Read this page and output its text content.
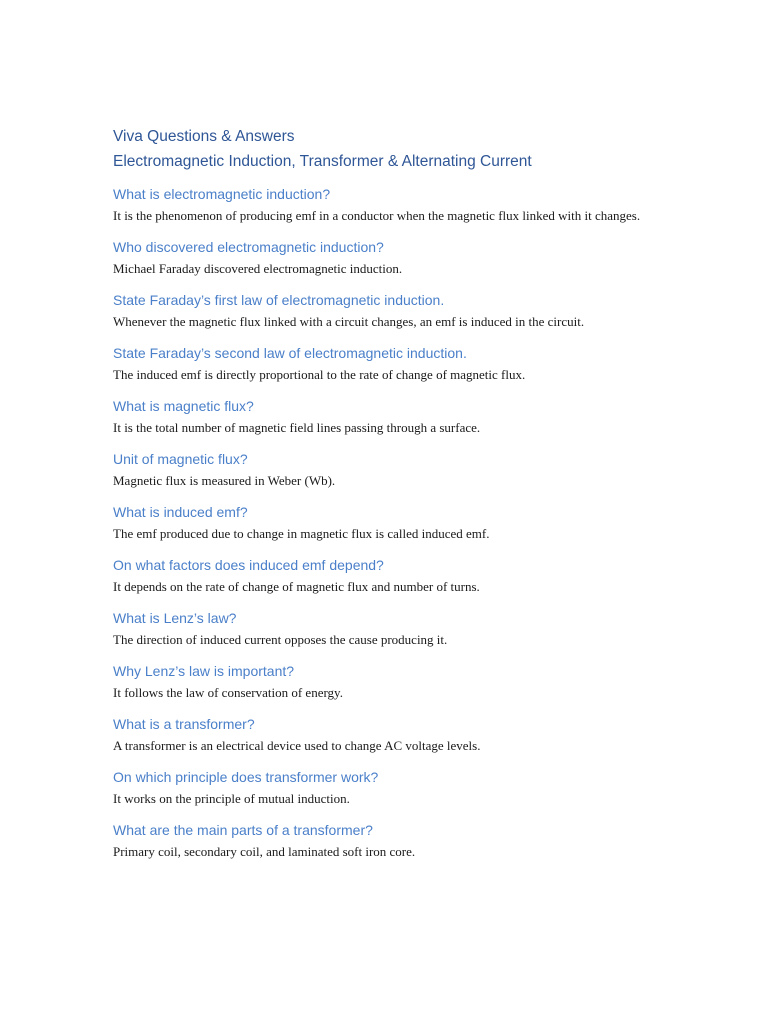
Viva Questions & Answers
Electromagnetic Induction, Transformer & Alternating Current
What is electromagnetic induction?

It is the phenomenon of producing emf in a conductor when the magnetic flux linked with it changes.

Who discovered electromagnetic induction?

Michael Faraday discovered electromagnetic induction.

State Faraday’s first law of electromagnetic induction.

Whenever the magnetic flux linked with a circuit changes, an emf is induced in the circuit.

State Faraday’s second law of electromagnetic induction.

The induced emf is directly proportional to the rate of change of magnetic flux.

What is magnetic flux?

It is the total number of magnetic field lines passing through a surface.

Unit of magnetic flux?

Magnetic flux is measured in Weber (Wb).

What is induced emf?

The emf produced due to change in magnetic flux is called induced emf.

On what factors does induced emf depend?

It depends on the rate of change of magnetic flux and number of turns.

What is Lenz’s law?

The direction of induced current opposes the cause producing it.

Why Lenz’s law is important?

It follows the law of conservation of energy.

What is a transformer?

A transformer is an electrical device used to change AC voltage levels.

On which principle does transformer work?

It works on the principle of mutual induction.

What are the main parts of a transformer?

Primary coil, secondary coil, and laminated soft iron core.
